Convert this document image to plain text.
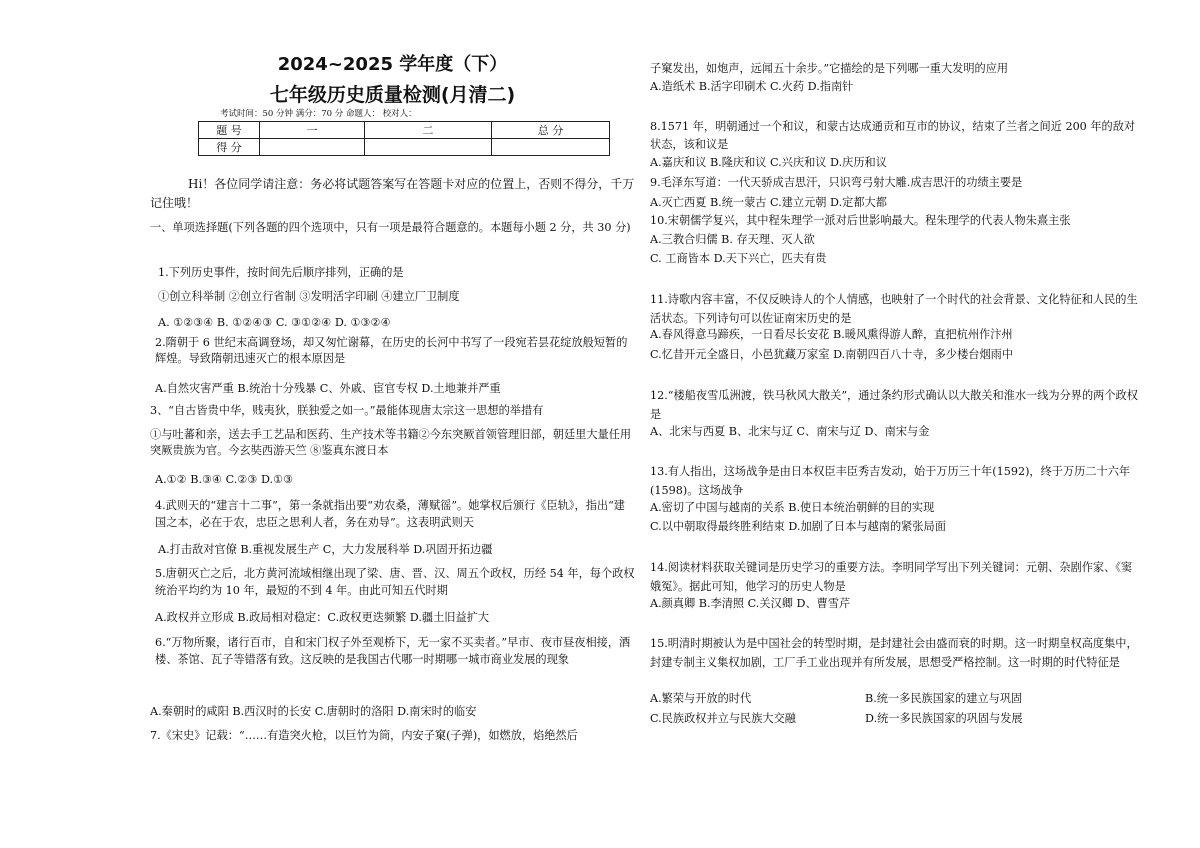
2024~2025 学年度（下）
七年级历史质量检测(月清二)
考试时间：50 分钟 满分：70 分 命题人： 校对人：
题 号	一	二	总 分
得 分			
Hi！各位同学请注意：务必将试题答案写在答题卡对应的位置上，否则不得分，千万记住哦！
一、单项选择题(下列各题的四个选项中，只有一项是最符合题意的。本题每小题 2 分，共 30 分)
1.下列历史事件，按时间先后顺序排列，正确的是
①创立科举制 ②创立行省制 ③发明活字印刷 ④建立厂卫制度
A. ①②③④ B. ①②④③ C. ③①②④ D. ①③②④
2.隋朝于 6 世纪末高调登场，却又匆忙谢幕，在历史的长河中书写了一段宛若昙花绽放般短暂的辉煌。导致隋朝迅速灭亡的根本原因是
A.自然灾害严重 B.统治十分残暴 C、外戚、宦官专权 D.土地兼并严重
3、“自古皆贵中华，贱夷狄，朕独爱之如一。”最能体现唐太宗这一思想的举措有
①与吐蕃和亲，送去手工艺品和医药、生产技术等书籍②今东突厥首领管理旧部，朝廷里大量任用突厥贵族为官。今玄奘西游天竺 ⑧鉴真东渡日本
A.①② B.③④ C.②③ D.①③
4.武则天的“建言十二事”，第一条就指出要“劝农桑，薄赋徭”。她掌权后颁行《臣轨》，指出“建国之本，必在于农，忠臣之思利人者，务在劝导”。这表明武则天
A.打击敌对官僚 B.重视发展生产 C，大力发展科举 D.巩固开拓边疆
5.唐朝灭亡之后，北方黄河流域相继出现了梁、唐、晋、汉、周五个政权，历经 54 年，每个政权统治平均约为 10 年，最短的不到 4 年。由此可知五代时期
A.政权并立形成 B.政局相对稳定：C.政权更迭频繁 D.疆土旧益扩大
6.“万物所聚，诸行百市，自和宋门权子外至观桥下，无一家不买卖者。”早市、夜市昼夜相接，酒楼、茶馆、瓦子等错落有致。这反映的是我国古代哪一时期哪一城市商业发展的现象
A.秦朝时的咸阳 B.西汉时的长安 C.唐朝时的洛阳 D.南宋时的临安
7.《宋史》记载：“……有造突火枪，以巨竹为筒，内安子窠(子弹)，如燃放，焰绝然后
子窠发出，如炮声，远闻五十余步。”它描绘的是下列哪一重大发明的应用
A.造纸术 B.活字印刷术 C.火药 D.指南针
8.1571 年，明朝通过一个和议，和蒙古达成通贡和互市的协议，结束了兰者之间近 200 年的敌对状态，该和议是
A.嘉庆和议 B.隆庆和议 C.兴庆和议 D.庆历和议
9.毛泽东写道：一代天骄成吉思汗，只识弯弓射大雕.成吉思汗的功绩主要是
A.灭亡西夏 B.统一蒙古 C.建立元朝 D.定都大都
10.宋朝儒学复兴，其中程朱理学一派对后世影响最大。程朱理学的代表人物朱熹主张
A.三教合归儒 B. 存天理、灭人欲
C. 工商皆本 D.天下兴亡，匹夫有贵
11.诗歌内容丰富，不仅反映诗人的个人情感，也映射了一个时代的社会背景、文化特征和人民的生活状态。下列诗句可以佐证南宋历史的是
A.春风得意马蹄疾，一日看尽长安花 B.暖风熏得游人醉，直把杭州作汴州
C.忆昔开元全盛日，小邑犹藏万家室 D.南朝四百八十寺，多少楼台烟雨中
12.“楼船夜雪瓜洲渡，铁马秋风大散关”，通过条约形式确认以大散关和淮水一线为分界的两个政权是
A、北宋与西夏 B、北宋与辽 C、南宋与辽 D、南宋与金
13.有人指出，这场战争是由日本权臣丰臣秀吉发动，始于万历三十年(1592)，终于万历二十六年(1598)。这场战争
A.密切了中国与越南的关系 B.使日本统治朝鲜的目的实现
C.以中朝取得最终胜利结束 D.加剧了日本与越南的紧张局面
14.阅读材料获取关键词是历史学习的重要方法。李明同学写出下列关键词：元朝、杂剧作家、《窦娥冤》。据此可知，他学习的历史人物是
A.颜真卿 B.李清照 C.关汉卿 D、曹雪芹
15.明清时期被认为是中国社会的转型时期，是封建社会由盛而衰的时期。这一时期皇权高度集中，封建专制主义集权加剧，工厂手工业出现并有所发展，思想受严格控制。这一时期的时代特征是
A.繁荣与开放的时代	B.统一多民族国家的建立与巩固
C.民族政权并立与民族大交融	D.统一多民族国家的巩固与发展
